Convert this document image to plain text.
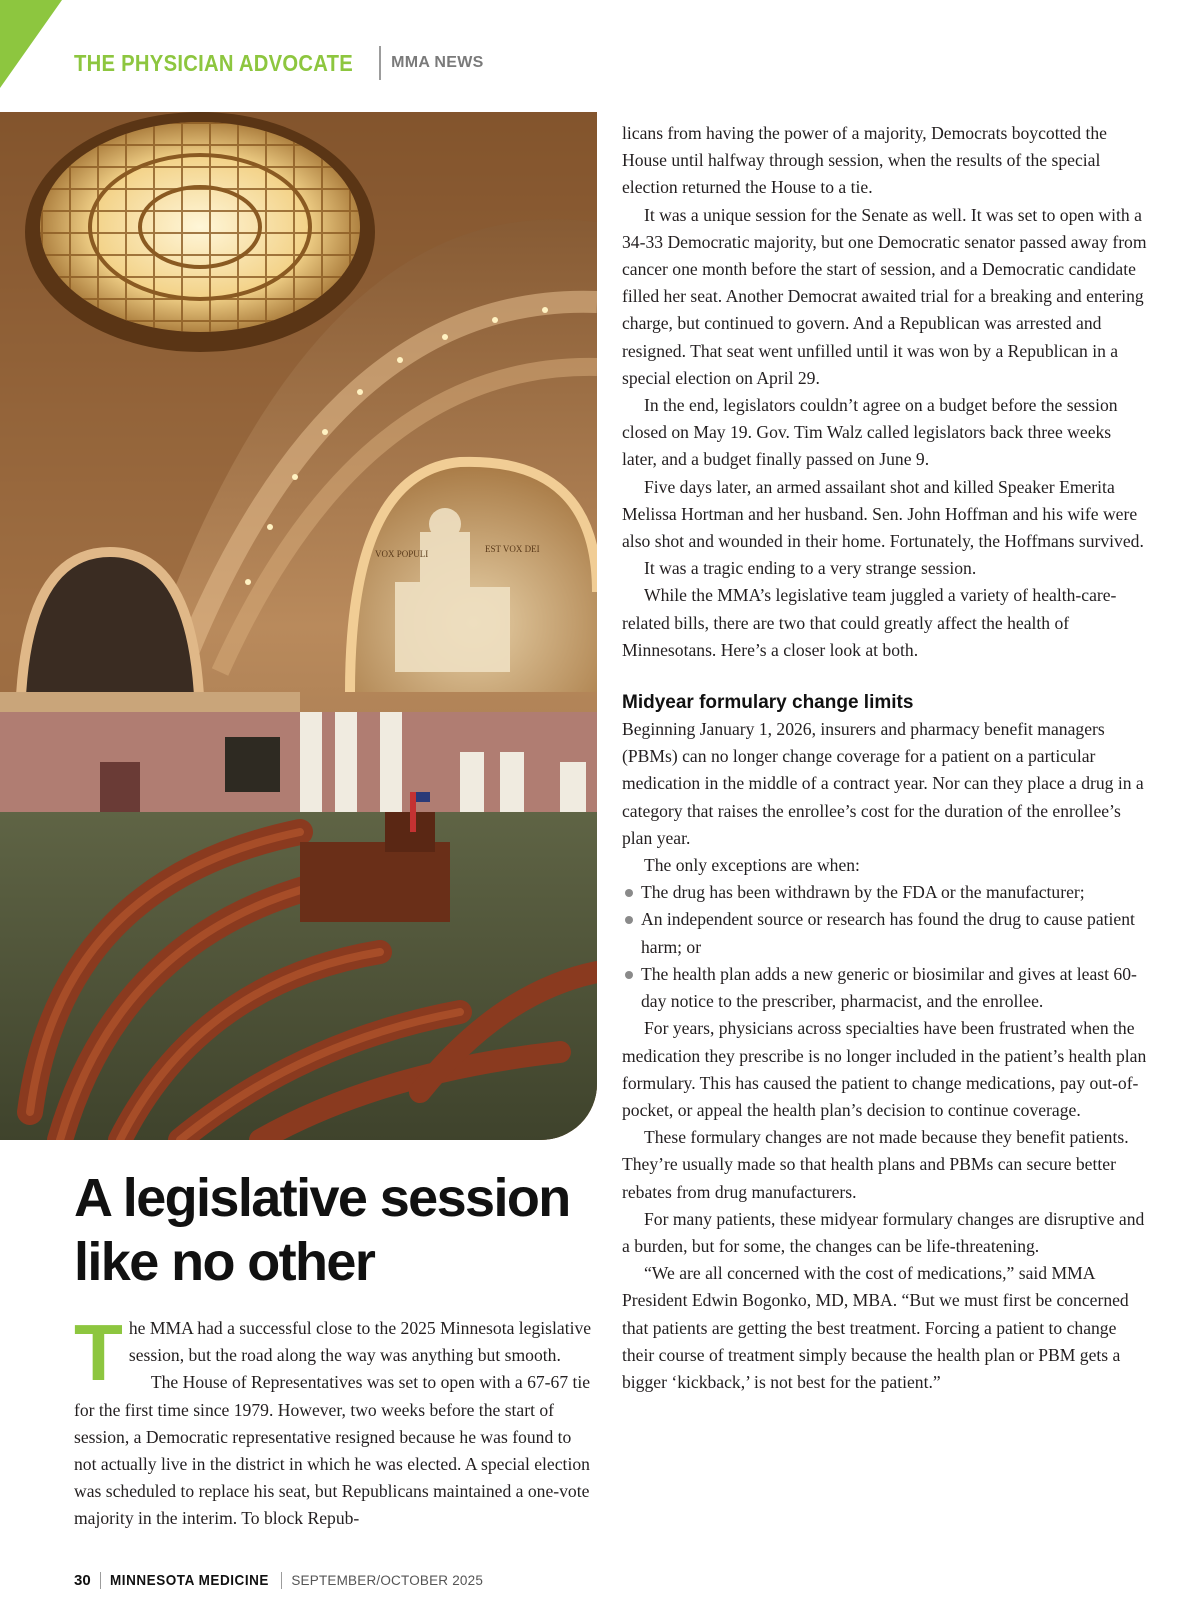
THE PHYSICIAN ADVOCATE MMA NEWS
VOX POPULI	EST VOX DEI
A legislative session like no other
T he MMA had a successful close to the 2025 Minnesota legislative session, but the road along the way was anything but smooth.

The House of Representatives was set to open with a 67-67 tie for the first time since 1979. However, two weeks before the start of session, a Democratic representative resigned because he was found to not actually live in the district in which he was elected. A special election was scheduled to replace his seat, but Republicans maintained a one-vote majority in the interim. To block Repub-

licans from having the power of a majority, Democrats boycotted the House until halfway through session, when the results of the special election returned the House to a tie.

It was a unique session for the Senate as well. It was set to open with a 34-33 Democratic majority, but one Democratic senator passed away from cancer one month before the start of session, and a Democratic candidate filled her seat. Another Democrat awaited trial for a breaking and entering charge, but continued to govern. And a Republican was arrested and resigned. That seat went unfilled until it was won by a Republican in a special election on April 29.

In the end, legislators couldn’t agree on a budget before the session closed on May 19. Gov. Tim Walz called legislators back three weeks later, and a budget finally passed on June 9.

Five days later, an armed assailant shot and killed Speaker Emerita Melissa Hortman and her husband. Sen. John Hoffman and his wife were also shot and wounded in their home. Fortunately, the Hoffmans survived.

It was a tragic ending to a very strange session.

While the MMA’s legislative team juggled a variety of health-care-related bills, there are two that could greatly affect the health of Minnesotans. Here’s a closer look at both.

Midyear formulary change limits

Beginning January 1, 2026, insurers and pharmacy benefit managers (PBMs) can no longer change coverage for a patient on a particular medication in the middle of a contract year. Nor can they place a drug in a category that raises the enrollee’s cost for the duration of the enrollee’s plan year.

The only exceptions are when:

The drug has been withdrawn by the FDA or the manufacturer;
An independent source or research has found the drug to cause patient harm; or
The health plan adds a new generic or biosimilar and gives at least 60-day notice to the prescriber, pharmacist, and the enrollee.

For years, physicians across specialties have been frustrated when the medication they prescribe is no longer included in the patient’s health plan formulary. This has caused the patient to change medications, pay out-of-pocket, or appeal the health plan’s decision to continue coverage.

These formulary changes are not made because they benefit patients. They’re usually made so that health plans and PBMs can secure better rebates from drug manufacturers.

For many patients, these midyear formulary changes are disruptive and a burden, but for some, the changes can be life-threatening.

“We are all concerned with the cost of medications,” said MMA President Edwin Bogonko, MD, MBA. “But we must first be concerned that patients are getting the best treatment. Forcing a patient to change their course of treatment simply because the health plan or PBM gets a bigger ‘kickback,’ is not best for the patient.”

30 MINNESOTA MEDICINE SEPTEMBER/OCTOBER 2025
